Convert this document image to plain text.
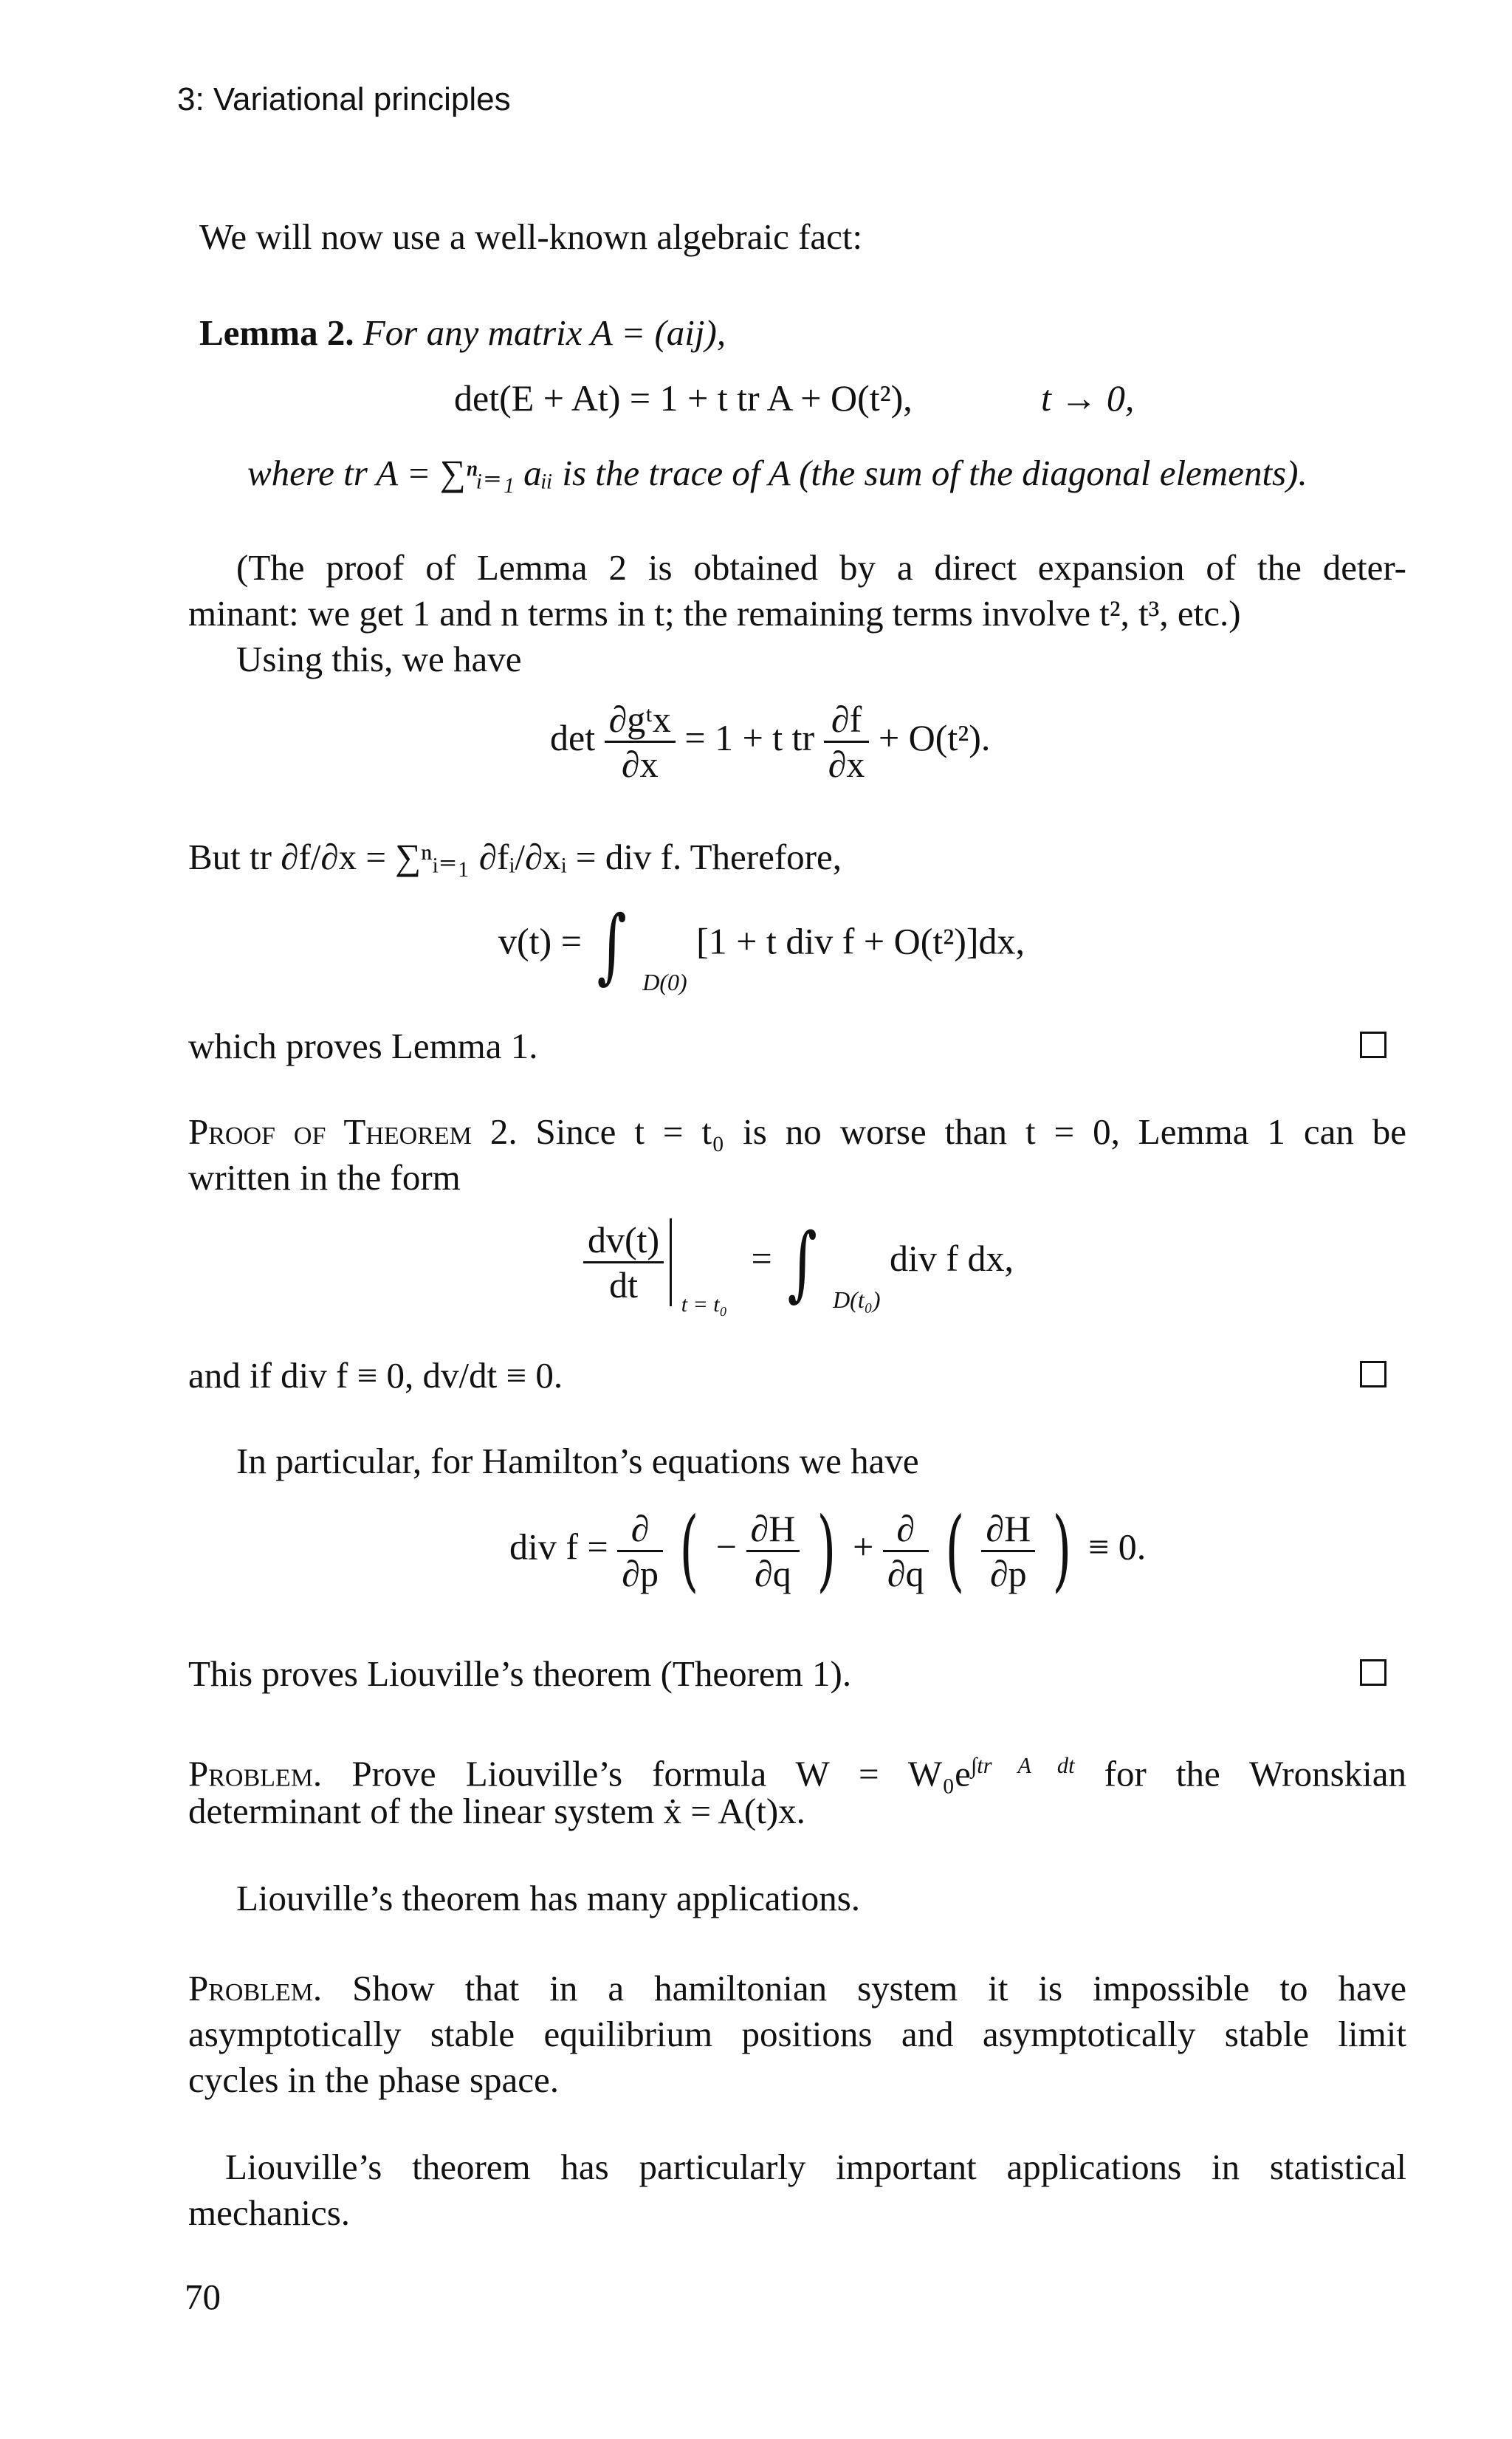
3: Variational principles
We will now use a well-known algebraic fact:
Lemma 2. For any matrix A = (aij),
det(E + At) = 1 + t tr A + O(t²),	t → 0,
where tr A = ∑ⁿᵢ₌₁ aᵢᵢ is the trace of A (the sum of the diagonal elements).
(The proof of Lemma 2 is obtained by a direct expansion of the deter-
minant: we get 1 and n terms in t; the remaining terms involve t², t³, etc.)
Using this, we have
$\det \frac{\text{∂gᵗx}}{\partial x} = 1 + t$ tr $\frac{\partial f}{\partial x} + O(t^2)$.
But tr ∂f/∂x = ∑ⁿᵢ₌₁ ∂fᵢ/∂xᵢ = div f. Therefore,
v(t) = ∫ D(0) [1 + t div f + O(t²)]dx,
which proves Lemma 1.
Proof of Theorem 2. Since t = t₀ is no worse than t = 0, Lemma 1 can be
written in the form
$\frac{dv(t)}{dt}$ t = t₀ = ∫ D(t₀) div f dx,
and if div f ≡ 0, dv/dt ≡ 0.
In particular, for Hamilton’s equations we have
div $f = \frac{\partial}{\partial p}$ ( − $\frac{\partial H}{\partial q}$ ) + $\frac{\partial}{\partial q}$ ( $\frac{\partial H}{\partial p}$ ) ≡ 0.
This proves Liouville’s theorem (Theorem 1).
Problem. Prove Liouville’s formula $W = W_0e^{\int tr A dt}$ for the Wronskian
determinant of the linear system ẋ = A(t)x.
Liouville’s theorem has many applications.
Problem. Show that in a hamiltonian system it is impossible to have
asymptotically stable equilibrium positions and asymptotically stable limit
cycles in the phase space.
Liouville’s theorem has particularly important applications in statistical
mechanics.
70
